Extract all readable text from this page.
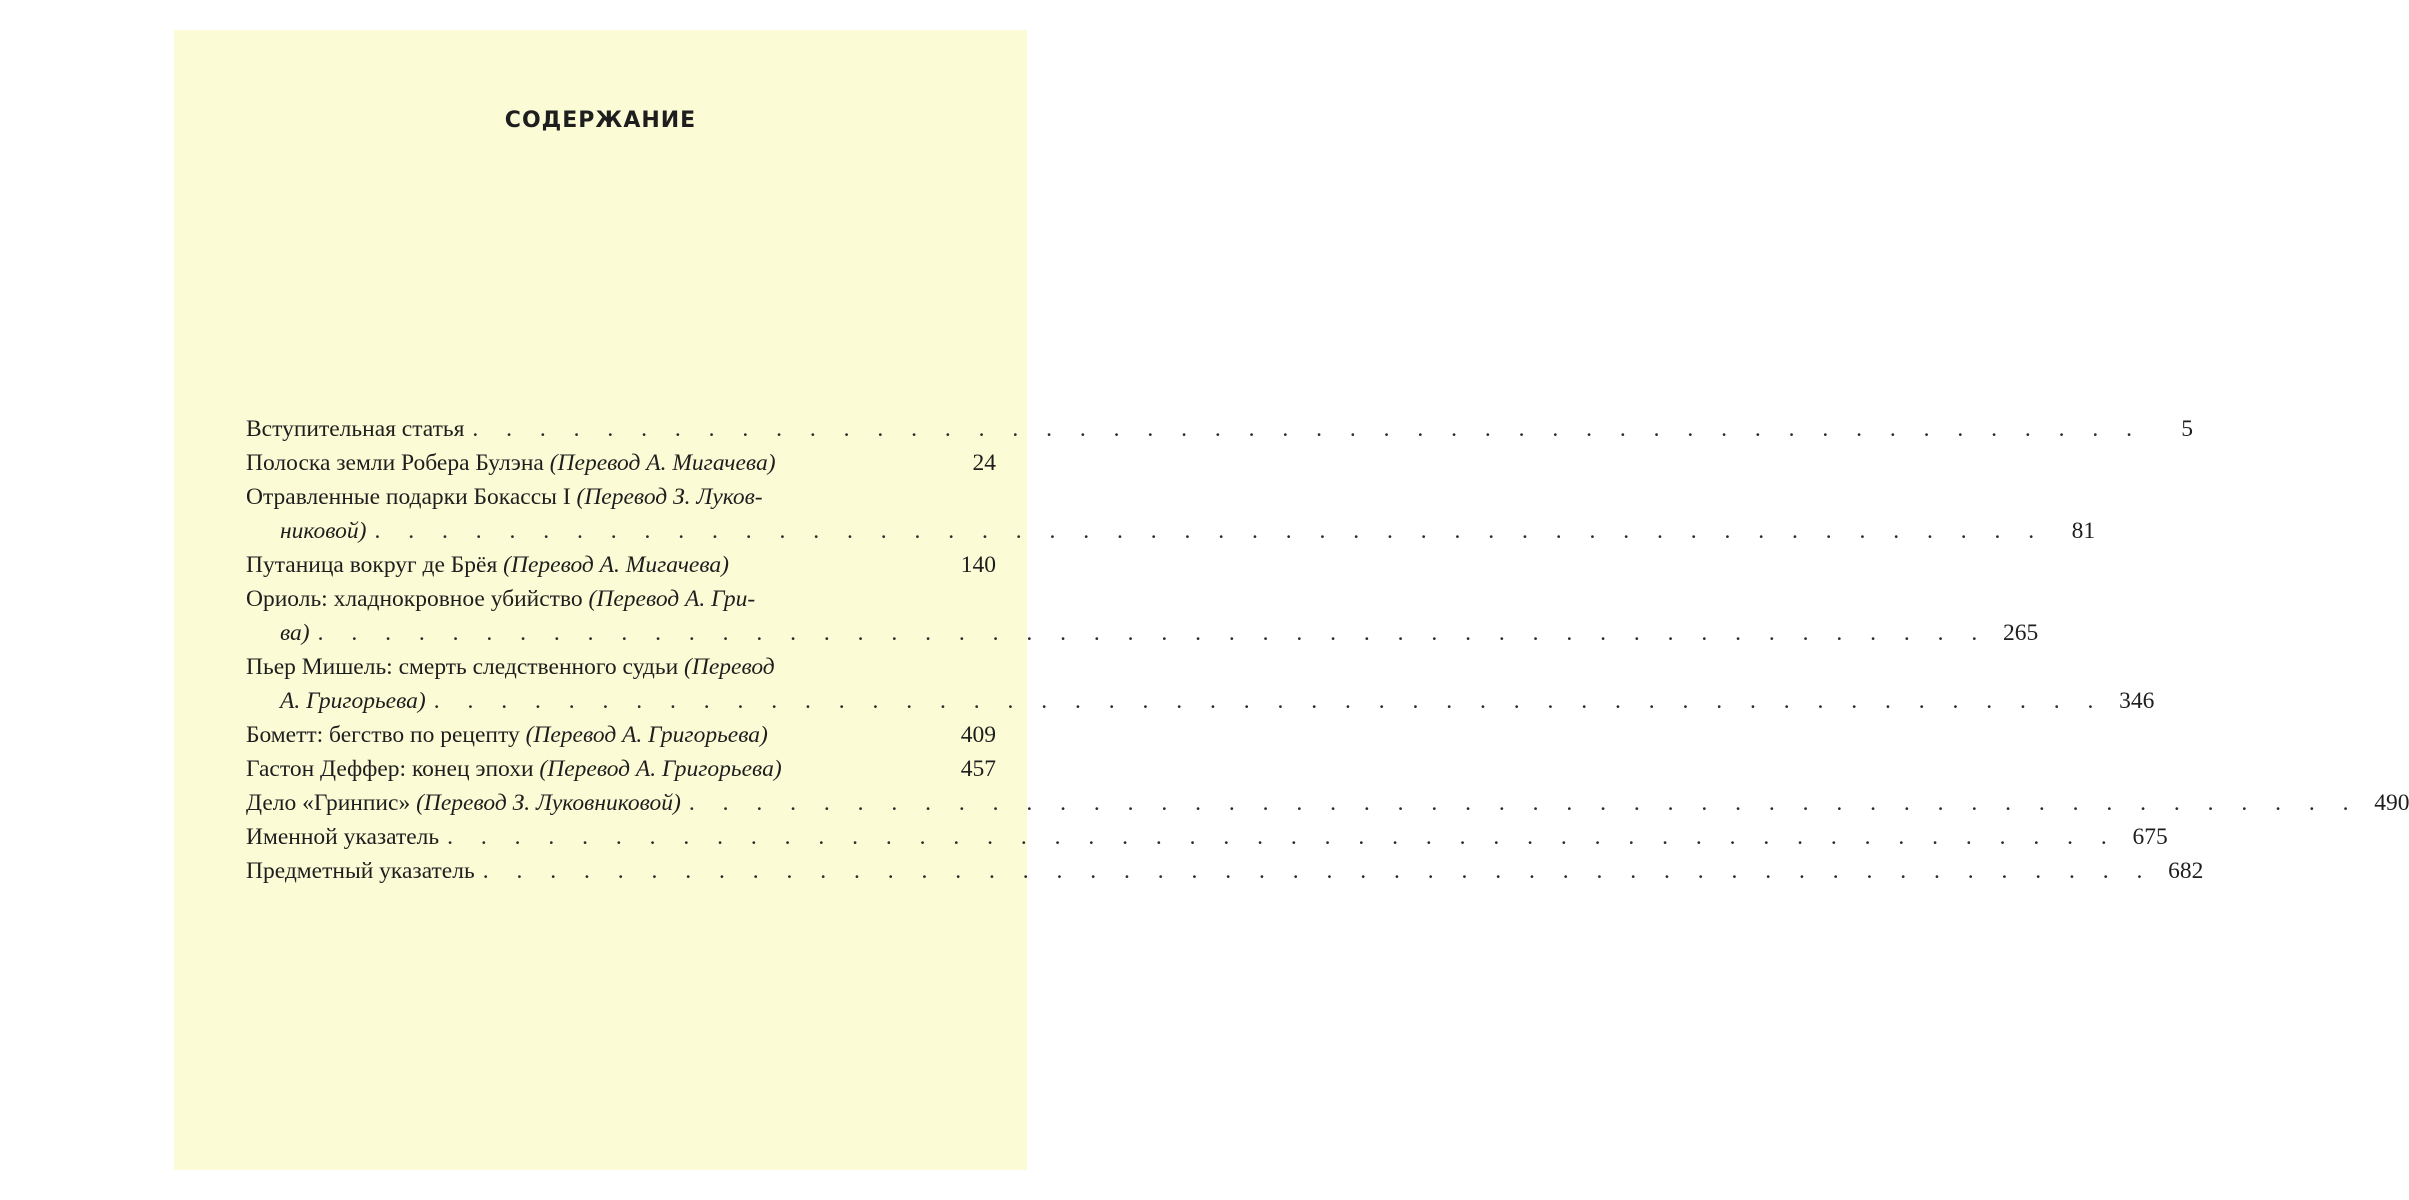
СОДЕРЖАНИЕ
Вступительная статья . . . . . . . . . . . . . . . . . . . . . . . . . . . . . . . . . . . . . . . . . . . . . . . . . .	5
Полоска земли Робера Булэна (Перевод А. Мигачева)	24
Отравленные подарки Бокассы I (Перевод З. Луков-
никовой) . . . . . . . . . . . . . . . . . . . . . . . . . . . . . . . . . . . . . . . . . . . . . . . . . .	81
Путаница вокруг де Брёя (Перевод А. Мигачева)	140
Ориоль: хладнокровное убийство (Перевод А. Гри-
ва) . . . . . . . . . . . . . . . . . . . . . . . . . . . . . . . . . . . . . . . . . . . . . . . . . . 265
Пьер Мишель: смерть следственного судьи (Перевод
А. Григорьева) . . . . . . . . . . . . . . . . . . . . . . . . . . . . . . . . . . . . . . . . . . . . . . . . . . 346
Бометт: бегство по рецепту (Перевод А. Григорьева)	409
Гастон Деффер: конец эпохи (Перевод А. Григорьева)	457
Дело «Гринпис» (Перевод З. Луковниковой) . . . . . . . . . . . . . . . . . . . . . . . . . . . . . . . . . . . . . . . . . . . . . . . . . . 490
Именной указатель . . . . . . . . . . . . . . . . . . . . . . . . . . . . . . . . . . . . . . . . . . . . . . . . . . 675
Предметный указатель . . . . . . . . . . . . . . . . . . . . . . . . . . . . . . . . . . . . . . . . . . . . . . . . . . 682
